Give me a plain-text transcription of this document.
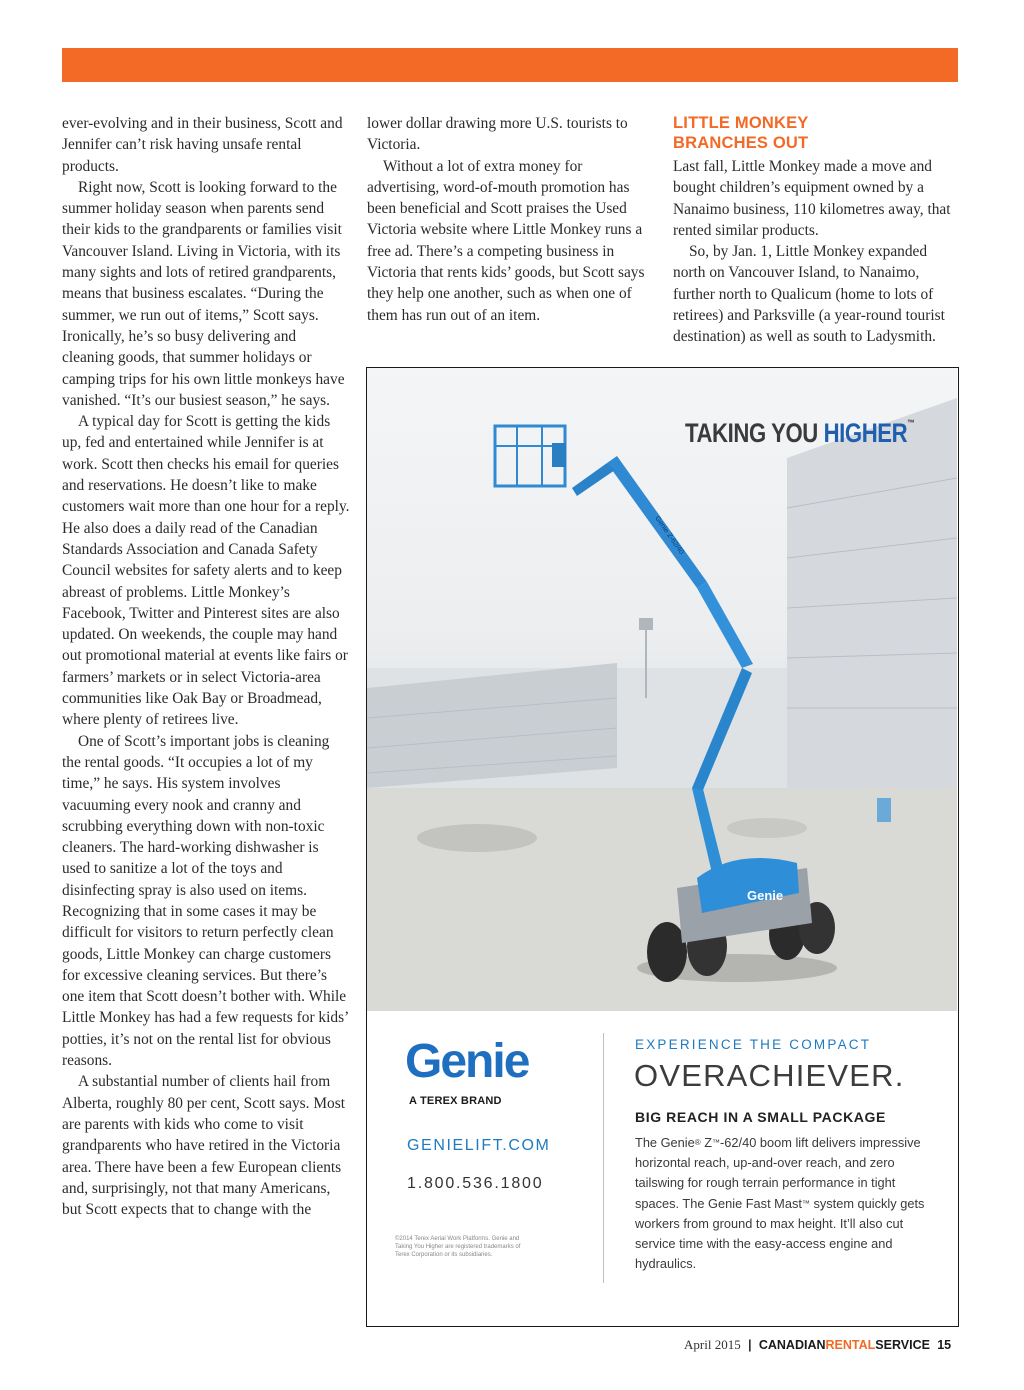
ever-evolving and in their business, Scott and Jennifer can’t risk having unsafe rental products.

Right now, Scott is looking forward to the summer holiday season when parents send their kids to the grandparents or families visit Vancouver Island. Living in Victoria, with its many sights and lots of retired grandparents, means that business escalates. “During the summer, we run out of items,” Scott says. Ironically, he’s so busy delivering and cleaning goods, that summer holidays or camping trips for his own little monkeys have vanished. “It’s our busiest season,” he says.

A typical day for Scott is getting the kids up, fed and entertained while Jennifer is at work. Scott then checks his email for queries and reservations. He doesn’t like to make customers wait more than one hour for a reply. He also does a daily read of the Canadian Standards Association and Canada Safety Council websites for safety alerts and to keep abreast of problems. Little Monkey’s Facebook, Twitter and Pinterest sites are also updated. On weekends, the couple may hand out promotional material at events like fairs or farmers’ markets or in select Victoria-area communities like Oak Bay or Broadmead, where plenty of retirees live.

One of Scott’s important jobs is cleaning the rental goods. “It occupies a lot of my time,” he says. His system involves vacuuming every nook and cranny and scrubbing everything down with non-toxic cleaners. The hard-working dishwasher is used to sanitize a lot of the toys and disinfecting spray is also used on items. Recognizing that in some cases it may be difficult for visitors to return perfectly clean goods, Little Monkey can charge customers for excessive cleaning services. But there’s one item that Scott doesn’t bother with. While Little Monkey has had a few requests for kids’ potties, it’s not on the rental list for obvious reasons.

A substantial number of clients hail from Alberta, roughly 80 per cent, Scott says. Most are parents with kids who come to visit grandparents who have retired in the Victoria area. There have been a few European clients and, surprisingly, not that many Americans, but Scott expects that to change with the

lower dollar drawing more U.S. tourists to Victoria.

Without a lot of extra money for advertising, word-of-mouth promotion has been beneficial and Scott praises the Used Victoria website where Little Monkey runs a free ad. There’s a competing business in Victoria that rents kids’ goods, but Scott says they help one another, such as when one of them has run out of an item.

LITTLE MONKEY
BRANCHES OUT

Last fall, Little Monkey made a move and bought children’s equipment owned by a Nanaimo business, 110 kilometres away, that rented similar products.

So, by Jan. 1, Little Monkey expanded north on Vancouver Island, to Nanaimo, further north to Qualicum (home to lots of retirees) and Parksville (a year-round tourist destination) as well as south to Ladysmith.

Genie
Genie Z-62/40
TAKING YOU HIGHER™
Genie
A TEREX BRAND
GENIELIFT.COM
1.800.536.1800
©2014 Terex Aerial Work Platforms. Genie and Taking You Higher are registered trademarks of Terex Corporation or its subsidiaries.
EXPERIENCE THE COMPACT
OVERACHIEVER.
BIG REACH IN A SMALL PACKAGE
The Genie® Z™-62/40 boom lift delivers impressive horizontal reach, up-and-over reach, and zero tailswing for rough terrain performance in tight spaces. The Genie Fast Mast™ system quickly gets workers from ground to max height. It’ll also cut service time with the easy-access engine and hydraulics.
April 2015 | CANADIANRENTALSERVICE 15
